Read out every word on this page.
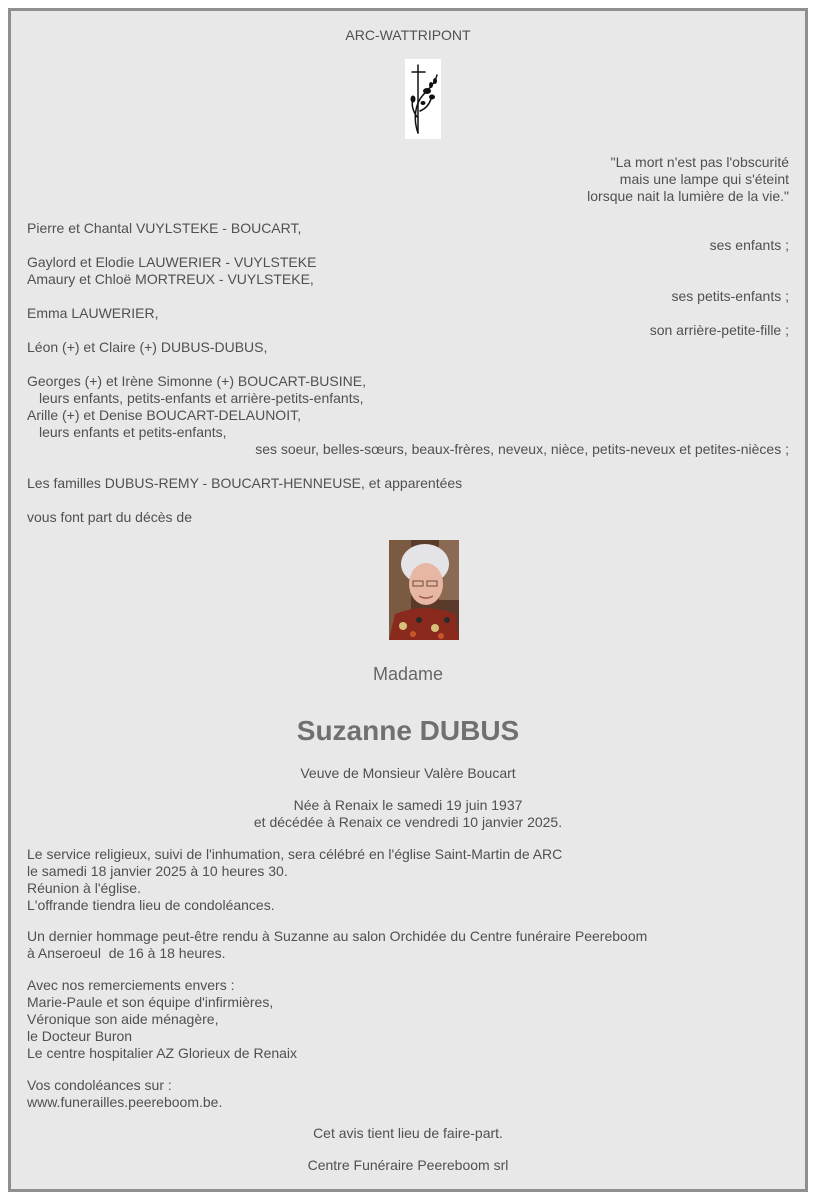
ARC-WATTRIPONT
"La mort n'est pas l'obscurité
mais une lampe qui s'éteint
lorsque nait la lumière de la vie."
Pierre et Chantal VUYLSTEKE - BOUCART,
ses enfants ;
Gaylord et Elodie LAUWERIER - VUYLSTEKE
Amaury et Chloë MORTREUX - VUYLSTEKE,
ses petits-enfants ;
Emma LAUWERIER,
son arrière-petite-fille ;
Léon (+) et Claire (+) DUBUS-DUBUS,
Georges (+) et Irène Simonne (+) BOUCART-BUSINE,
leurs enfants, petits-enfants et arrière-petits-enfants,
Arille (+) et Denise BOUCART-DELAUNOIT,
leurs enfants et petits-enfants,
ses soeur, belles-sœurs, beaux-frères, neveux, nièce, petits-neveux et petites-nièces ;
Les familles DUBUS-REMY - BOUCART-HENNEUSE, et apparentées
vous font part du décès de
Madame
Suzanne DUBUS
Veuve de Monsieur Valère Boucart
Née à Renaix le samedi 19 juin 1937
et décédée à Renaix ce vendredi 10 janvier 2025.
Le service religieux, suivi de l'inhumation, sera célébré en l'église Saint-Martin de ARC
le samedi 18 janvier 2025 à 10 heures 30.
Réunion à l'église.
L'offrande tiendra lieu de condoléances.
Un dernier hommage peut-être rendu à Suzanne au salon Orchidée du Centre funéraire Peereboom
à Anseroeul  de 16 à 18 heures.
Avec nos remerciements envers :
Marie-Paule et son équipe d'infirmières,
Véronique son aide ménagère,
le Docteur Buron
Le centre hospitalier AZ Glorieux de Renaix
Vos condoléances sur :
www.funerailles.peereboom.be.
Cet avis tient lieu de faire-part.
Centre Funéraire Peereboom srl
